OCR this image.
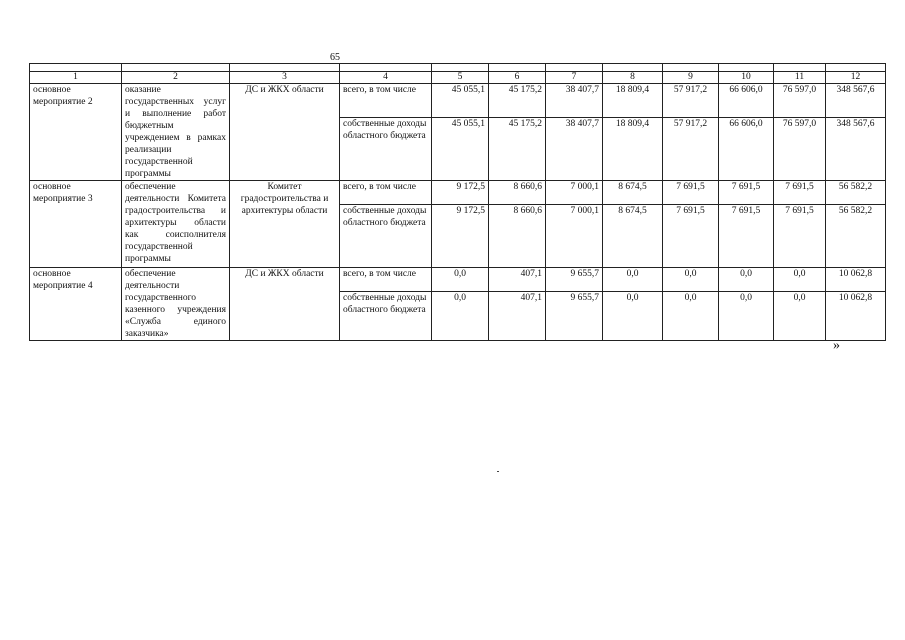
65

1	2	3	4	5	6	7	8	9	10	11	12
основное мероприятие 2	оказание государственных услуг и выполнение работ бюджетным учреждением в рамках реализации государственной программы	ДС и ЖКХ области	всего, в том числе	45 055,1	45 175,2	38 407,7	18 809,4	57 917,2	66 606,0	76 597,0	348 567,6
			собственные доходы областного бюджета	45 055,1	45 175,2	38 407,7	18 809,4	57 917,2	66 606,0	76 597,0	348 567,6
основное мероприятие 3	обеспечение деятельности Комитета градостроительства и архитектуры области как соисполнителя государственной программы	Комитет градостроительства и архитектуры области	всего, в том числе	9 172,5	8 660,6	7 000,1	8 674,5	7 691,5	7 691,5	7 691,5	56 582,2
			собственные доходы областного бюджета	9 172,5	8 660,6	7 000,1	8 674,5	7 691,5	7 691,5	7 691,5	56 582,2
основное мероприятие 4	обеспечение деятельности государственного казенного учреждения «Служба единого заказчика»	ДС и ЖКХ области	всего, в том числе	0,0	407,1	9 655,7	0,0	0,0	0,0	0,0	10 062,8
			собственные доходы областного бюджета	0,0	407,1	9 655,7	0,0	0,0	0,0	0,0	10 062,8
»
